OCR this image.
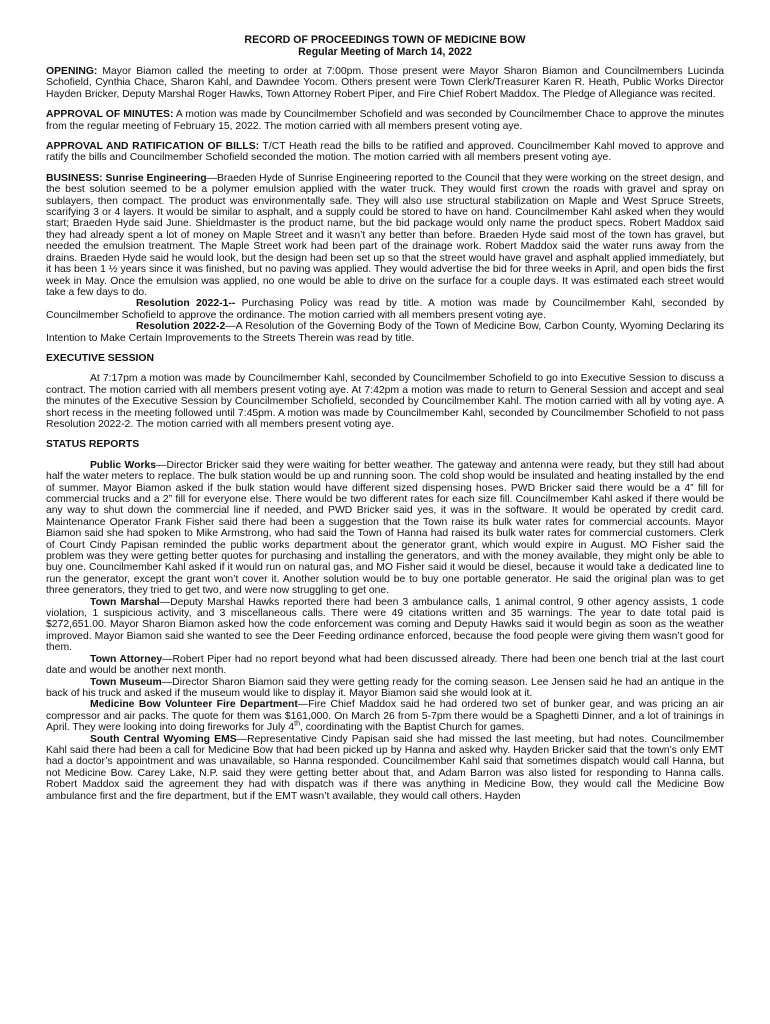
RECORD OF PROCEEDINGS TOWN OF MEDICINE BOW
Regular Meeting of March 14, 2022

OPENING: Mayor Biamon called the meeting to order at 7:00pm. Those present were Mayor Sharon Biamon and Councilmembers Lucinda Schofield, Cynthia Chace, Sharon Kahl, and Dawndee Yocom. Others present were Town Clerk/Treasurer Karen R. Heath, Public Works Director Hayden Bricker, Deputy Marshal Roger Hawks, Town Attorney Robert Piper, and Fire Chief Robert Maddox. The Pledge of Allegiance was recited.

APPROVAL OF MINUTES: A motion was made by Councilmember Schofield and was seconded by Councilmember Chace to approve the minutes from the regular meeting of February 15, 2022. The motion carried with all members present voting aye.

APPROVAL AND RATIFICATION OF BILLS: T/CT Heath read the bills to be ratified and approved. Councilmember Kahl moved to approve and ratify the bills and Councilmember Schofield seconded the motion. The motion carried with all members present voting aye.

BUSINESS: Sunrise Engineering—Braeden Hyde of Sunrise Engineering reported to the Council that they were working on the street design, and the best solution seemed to be a polymer emulsion applied with the water truck. They would first crown the roads with gravel and spray on sublayers, then compact. The product was environmentally safe. They will also use structural stabilization on Maple and West Spruce Streets, scarifying 3 or 4 layers. It would be similar to asphalt, and a supply could be stored to have on hand. Councilmember Kahl asked when they would start; Braeden Hyde said June. Shieldmaster is the product name, but the bid package would only name the product specs. Robert Maddox said they had already spent a lot of money on Maple Street and it wasn’t any better than before. Braeden Hyde said most of the town has gravel, but needed the emulsion treatment. The Maple Street work had been part of the drainage work. Robert Maddox said the water runs away from the drains. Braeden Hyde said he would look, but the design had been set up so that the street would have gravel and asphalt applied immediately, but it has been 1 ½ years since it was finished, but no paving was applied. They would advertise the bid for three weeks in April, and open bids the first week in May. Once the emulsion was applied, no one would be able to drive on the surface for a couple days. It was estimated each street would take a few days to do.

Resolution 2022-1-- Purchasing Policy was read by title. A motion was made by Councilmember Kahl, seconded by Councilmember Schofield to approve the ordinance. The motion carried with all members present voting aye.

Resolution 2022-2—A Resolution of the Governing Body of the Town of Medicine Bow, Carbon County, Wyoming Declaring its Intention to Make Certain Improvements to the Streets Therein was read by title.

EXECUTIVE SESSION

At 7:17pm a motion was made by Councilmember Kahl, seconded by Councilmember Schofield to go into Executive Session to discuss a contract. The motion carried with all members present voting aye. At 7:42pm a motion was made to return to General Session and accept and seal the minutes of the Executive Session by Councilmember Schofield, seconded by Councilmember Kahl. The motion carried with all by voting aye. A short recess in the meeting followed until 7:45pm. A motion was made by Councilmember Kahl, seconded by Councilmember Schofield to not pass Resolution 2022-2. The motion carried with all members present voting aye.

STATUS REPORTS

Public Works—Director Bricker said they were waiting for better weather. The gateway and antenna were ready, but they still had about half the water meters to replace. The bulk station would be up and running soon. The cold shop would be insulated and heating installed by the end of summer. Mayor Biamon asked if the bulk station would have different sized dispensing hoses. PWD Bricker said there would be a 4” fill for commercial trucks and a 2” fill for everyone else. There would be two different rates for each size fill. Councilmember Kahl asked if there would be any way to shut down the commercial line if needed, and PWD Bricker said yes, it was in the software. It would be operated by credit card. Maintenance Operator Frank Fisher said there had been a suggestion that the Town raise its bulk water rates for commercial accounts. Mayor Biamon said she had spoken to Mike Armstrong, who had said the Town of Hanna had raised its bulk water rates for commercial customers. Clerk of Court Cindy Papisan reminded the public works department about the generator grant, which would expire in August. MO Fisher said the problem was they were getting better quotes for purchasing and installing the generators, and with the money available, they might only be able to buy one. Councilmember Kahl asked if it would run on natural gas, and MO Fisher said it would be diesel, because it would take a dedicated line to run the generator, except the grant won’t cover it. Another solution would be to buy one portable generator. He said the original plan was to get three generators, they tried to get two, and were now struggling to get one.

Town Marshal—Deputy Marshal Hawks reported there had been 3 ambulance calls, 1 animal control, 9 other agency assists, 1 code violation, 1 suspicious activity, and 3 miscellaneous calls. There were 49 citations written and 35 warnings. The year to date total paid is $272,651.00. Mayor Sharon Biamon asked how the code enforcement was coming and Deputy Hawks said it would begin as soon as the weather improved. Mayor Biamon said she wanted to see the Deer Feeding ordinance enforced, because the food people were giving them wasn’t good for them.

Town Attorney—Robert Piper had no report beyond what had been discussed already. There had been one bench trial at the last court date and would be another next month.

Town Museum—Director Sharon Biamon said they were getting ready for the coming season. Lee Jensen said he had an antique in the back of his truck and asked if the museum would like to display it. Mayor Biamon said she would look at it.

Medicine Bow Volunteer Fire Department—Fire Chief Maddox said he had ordered two set of bunker gear, and was pricing an air compressor and air packs. The quote for them was $161,000. On March 26 from 5-7pm there would be a Spaghetti Dinner, and a lot of trainings in April. They were looking into doing fireworks for July 4th, coordinating with the Baptist Church for games.

South Central Wyoming EMS—Representative Cindy Papisan said she had missed the last meeting, but had notes. Councilmember Kahl said there had been a call for Medicine Bow that had been picked up by Hanna and asked why. Hayden Bricker said that the town’s only EMT had a doctor’s appointment and was unavailable, so Hanna responded. Councilmember Kahl said that sometimes dispatch would call Hanna, but not Medicine Bow. Carey Lake, N.P. said they were getting better about that, and Adam Barron was also listed for responding to Hanna calls. Robert Maddox said the agreement they had with dispatch was if there was anything in Medicine Bow, they would call the Medicine Bow ambulance first and the fire department, but if the EMT wasn’t available, they would call others. Hayden
